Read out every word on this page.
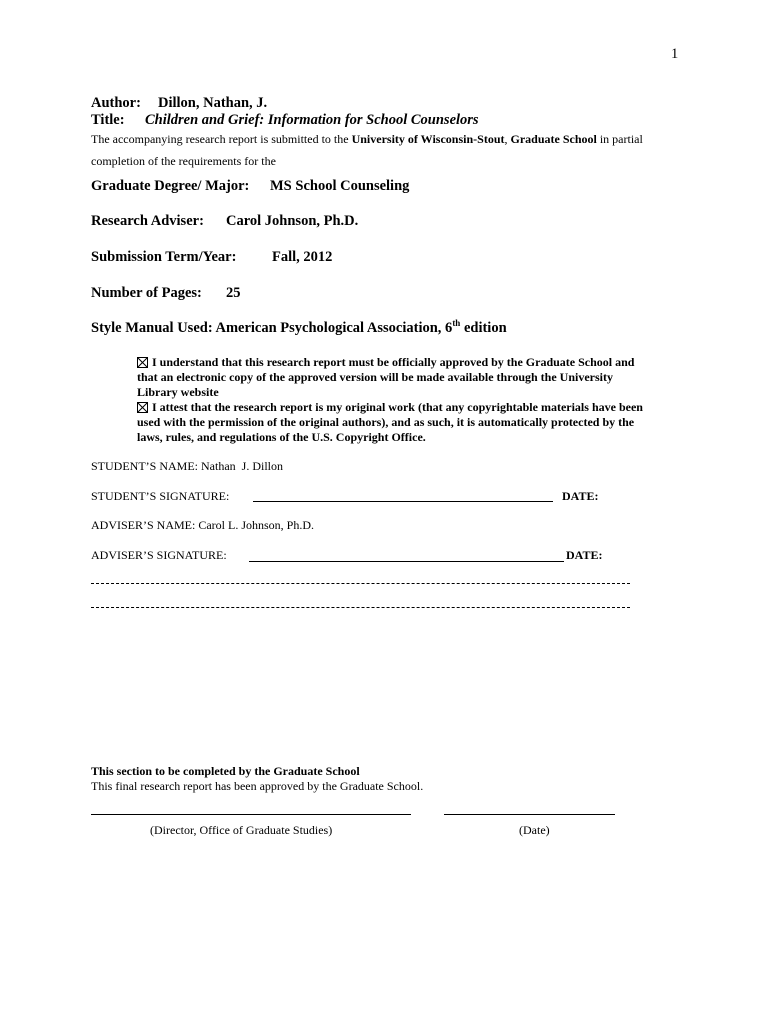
1
Author: Dillon, Nathan, J.
Title: Children and Grief: Information for School Counselors
The accompanying research report is submitted to the University of Wisconsin-Stout, Graduate School in partial
completion of the requirements for the
Graduate Degree/ Major: MS School Counseling
Research Adviser: Carol Johnson, Ph.D.
Submission Term/Year: Fall, 2012
Number of Pages: 25
Style Manual Used: American Psychological Association, 6th edition
I understand that this research report must be officially approved by the Graduate School and
that an electronic copy of the approved version will be made available through the University
Library website
I attest that the research report is my original work (that any copyrightable materials have been
used with the permission of the original authors), and as such, it is automatically protected by the
laws, rules, and regulations of the U.S. Copyright Office.
STUDENT’S NAME: Nathan  J. Dillon
STUDENT’S SIGNATURE:	DATE:
ADVISER’S NAME: Carol L. Johnson, Ph.D.
ADVISER’S SIGNATURE:	DATE:
This section to be completed by the Graduate School
This final research report has been approved by the Graduate School.
(Director, Office of Graduate Studies)	(Date)
